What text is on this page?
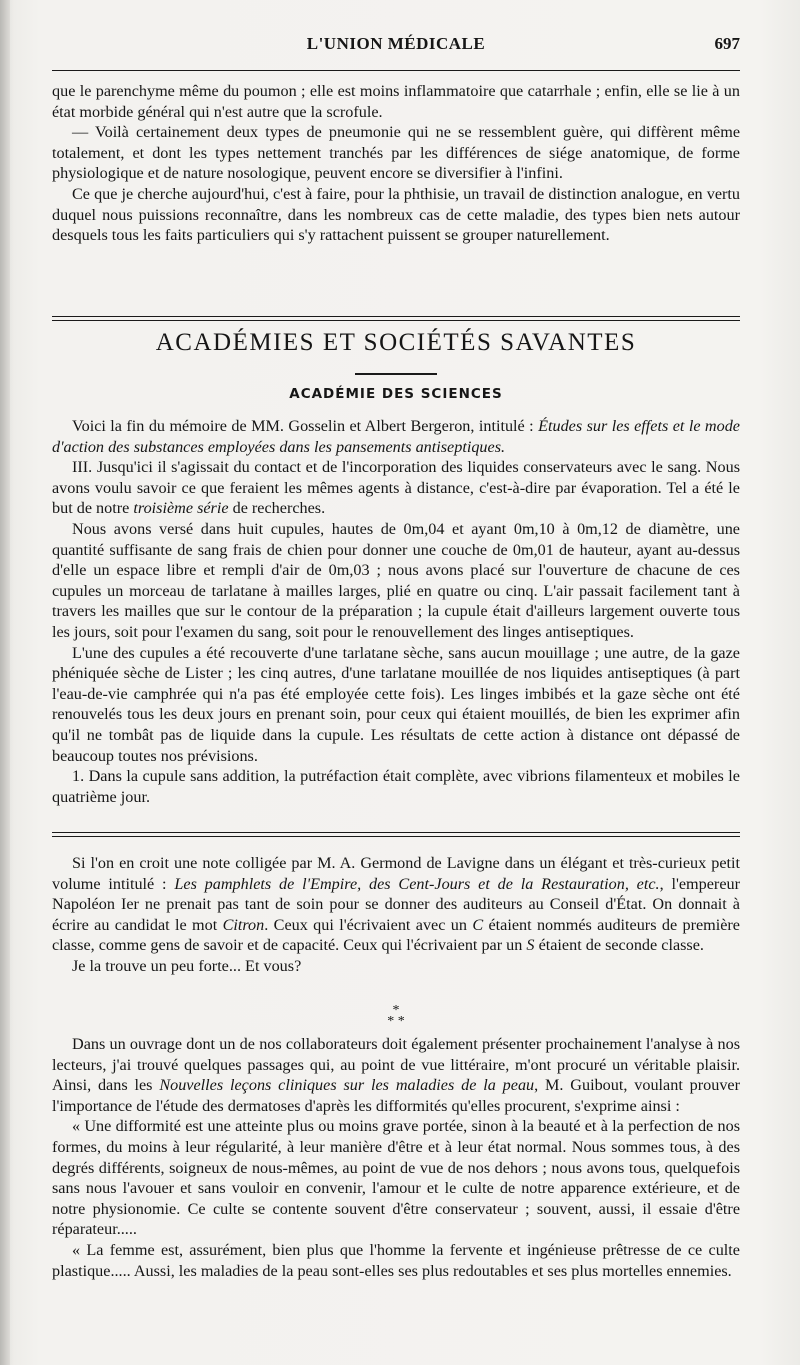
L'UNION MÉDICALE	697

que le parenchyme même du poumon ; elle est moins inflammatoire que catarrhale ; enfin, elle se lie à un état morbide général qui n'est autre que la scrofule.

— Voilà certainement deux types de pneumonie qui ne se ressemblent guère, qui diffèrent même totalement, et dont les types nettement tranchés par les différences de siége anatomique, de forme physiologique et de nature nosologique, peuvent encore se diversifier à l'infini.

Ce que je cherche aujourd'hui, c'est à faire, pour la phthisie, un travail de distinction analogue, en vertu duquel nous puissions reconnaître, dans les nombreux cas de cette maladie, des types bien nets autour desquels tous les faits particuliers qui s'y rattachent puissent se grouper naturellement.

ACADÉMIES ET SOCIÉTÉS SAVANTES
ACADÉMIE DES SCIENCES

Voici la fin du mémoire de MM. Gosselin et Albert Bergeron, intitulé : Études sur les effets et le mode d'action des substances employées dans les pansements antiseptiques.

III. Jusqu'ici il s'agissait du contact et de l'incorporation des liquides conservateurs avec le sang. Nous avons voulu savoir ce que feraient les mêmes agents à distance, c'est-à-dire par évaporation. Tel a été le but de notre troisième série de recherches.

Nous avons versé dans huit cupules, hautes de 0m,04 et ayant 0m,10 à 0m,12 de diamètre, une quantité suffisante de sang frais de chien pour donner une couche de 0m,01 de hauteur, ayant au-dessus d'elle un espace libre et rempli d'air de 0m,03 ; nous avons placé sur l'ouverture de chacune de ces cupules un morceau de tarlatane à mailles larges, plié en quatre ou cinq. L'air passait facilement tant à travers les mailles que sur le contour de la préparation ; la cupule était d'ailleurs largement ouverte tous les jours, soit pour l'examen du sang, soit pour le renouvellement des linges antiseptiques.

L'une des cupules a été recouverte d'une tarlatane sèche, sans aucun mouillage ; une autre, de la gaze phéniquée sèche de Lister ; les cinq autres, d'une tarlatane mouillée de nos liquides antiseptiques (à part l'eau-de-vie camphrée qui n'a pas été employée cette fois). Les linges imbibés et la gaze sèche ont été renouvelés tous les deux jours en prenant soin, pour ceux qui étaient mouillés, de bien les exprimer afin qu'il ne tombât pas de liquide dans la cupule. Les résultats de cette action à distance ont dépassé de beaucoup toutes nos prévisions.

1. Dans la cupule sans addition, la putréfaction était complète, avec vibrions filamenteux et mobiles le quatrième jour.

Si l'on en croit une note colligée par M. A. Germond de Lavigne dans un élégant et très-curieux petit volume intitulé : Les pamphlets de l'Empire, des Cent-Jours et de la Restauration, etc., l'empereur Napoléon Ier ne prenait pas tant de soin pour se donner des auditeurs au Conseil d'État. On donnait à écrire au candidat le mot Citron. Ceux qui l'écrivaient avec un C étaient nommés auditeurs de première classe, comme gens de savoir et de capacité. Ceux qui l'écrivaient par un S étaient de seconde classe.

Je la trouve un peu forte... Et vous?

*
* *

Dans un ouvrage dont un de nos collaborateurs doit également présenter prochainement l'analyse à nos lecteurs, j'ai trouvé quelques passages qui, au point de vue littéraire, m'ont procuré un véritable plaisir. Ainsi, dans les Nouvelles leçons cliniques sur les maladies de la peau, M. Guibout, voulant prouver l'importance de l'étude des dermatoses d'après les difformités qu'elles procurent, s'exprime ainsi :

« Une difformité est une atteinte plus ou moins grave portée, sinon à la beauté et à la perfection de nos formes, du moins à leur régularité, à leur manière d'être et à leur état normal. Nous sommes tous, à des degrés différents, soigneux de nous-mêmes, au point de vue de nos dehors ; nous avons tous, quelquefois sans nous l'avouer et sans vouloir en convenir, l'amour et le culte de notre apparence extérieure, et de notre physionomie. Ce culte se contente souvent d'être conservateur ; souvent, aussi, il essaie d'être réparateur.....

« La femme est, assurément, bien plus que l'homme la fervente et ingénieuse prêtresse de ce culte plastique..... Aussi, les maladies de la peau sont-elles ses plus redoutables et ses plus mortelles ennemies.
